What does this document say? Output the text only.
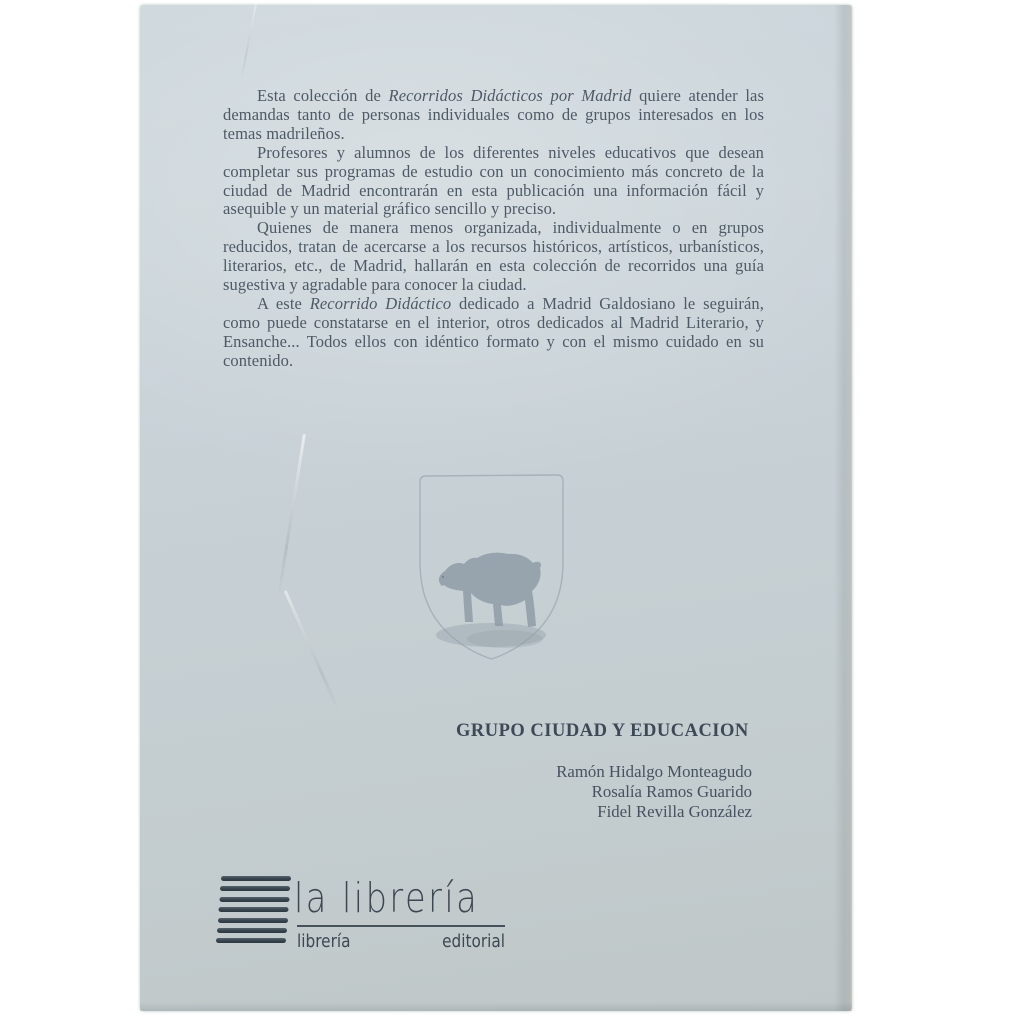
Esta colección de Recorridos Didácticos por Madrid quiere atender las demandas tanto de personas individuales como de grupos interesados en los temas madrileños.

Profesores y alumnos de los diferentes niveles educativos que desean completar sus programas de estudio con un conocimiento más concreto de la ciudad de Madrid encontrarán en esta publicación una información fácil y asequible y un material gráfico sencillo y preciso.

Quienes de manera menos organizada, individualmente o en grupos reducidos, tratan de acercarse a los recursos históricos, artísticos, urbanísticos, literarios, etc., de Madrid, hallarán en esta colección de recorridos una guía sugestiva y agradable para conocer la ciudad.

A este Recorrido Didáctico dedicado a Madrid Galdosiano le seguirán, como puede constatarse en el interior, otros dedicados al Madrid Literario, y Ensanche... Todos ellos con idéntico formato y con el mismo cuidado en su contenido.

GRUPO CIUDAD Y EDUCACION
Ramón Hidalgo Monteagudo
Rosalía Ramos Guarido
Fidel Revilla González
la librería
librería	editorial
